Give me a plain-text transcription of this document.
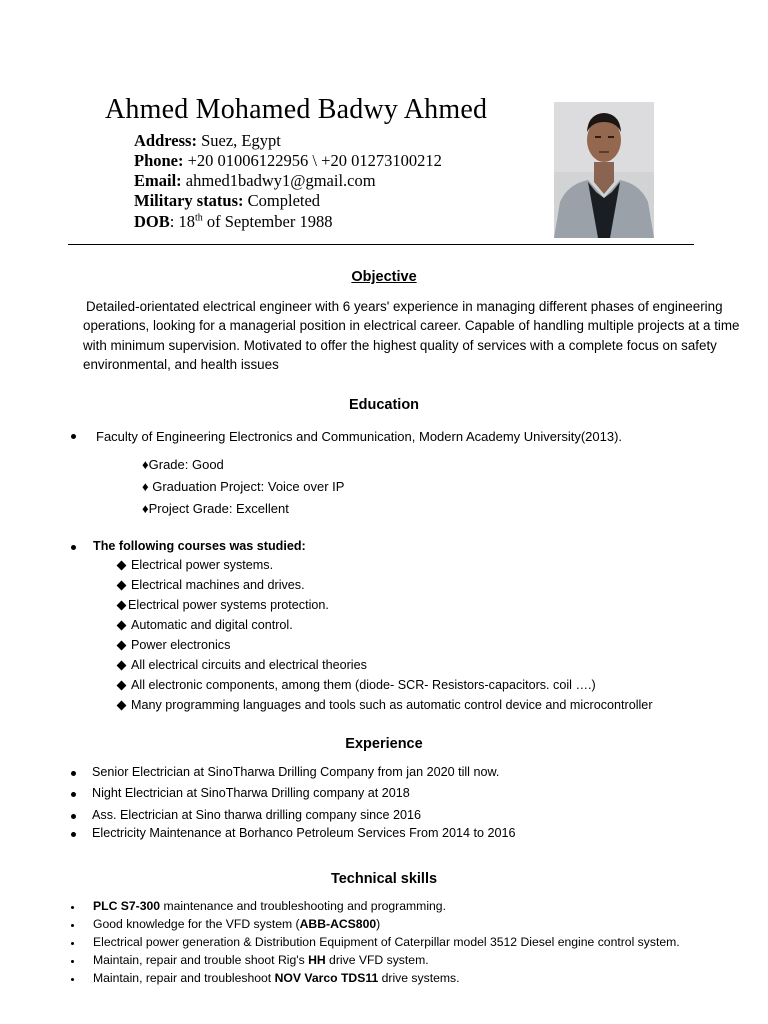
Ahmed Mohamed Badwy Ahmed
Address: Suez, Egypt
Phone: +20 01006122956 \ +20 01273100212
Email: ahmed1badwy1@gmail.com
Military status: Completed
DOB: 18th of September 1988
Objective
Detailed-orientated electrical engineer with 6 years' experience in managing different phases of engineering
operations, looking for a managerial position in electrical career. Capable of handling multiple projects at a time
with minimum supervision. Motivated to offer the highest quality of services with a complete focus on safety
environmental, and health issues
Education
Faculty of Engineering Electronics and Communication, Modern Academy University(2013).
♦Grade: Good
♦ Graduation Project: Voice over IP
♦Project Grade: Excellent
The following courses was studied:
Electrical power systems.
Electrical machines and drives.
Electrical power systems protection.
Automatic and digital control.
Power electronics
All electrical circuits and electrical theories
All electronic components, among them (diode- SCR- Resistors-capacitors. coil ….)
Many programming languages and tools such as automatic control device and microcontroller
Experience
Senior Electrician at SinoTharwa Drilling Company from jan 2020 till now.
Night Electrician at SinoTharwa Drilling company at 2018
Ass. Electrician at Sino tharwa drilling company since 2016
Electricity Maintenance at Borhanco Petroleum Services From 2014 to 2016
Technical skills
PLC S7-300 maintenance and troubleshooting and programming.
Good knowledge for the VFD system (ABB-ACS800)
Electrical power generation & Distribution Equipment of Caterpillar model 3512 Diesel engine control system.
Maintain, repair and trouble shoot Rig's HH drive VFD system.
Maintain, repair and troubleshoot NOV Varco TDS11 drive systems.
